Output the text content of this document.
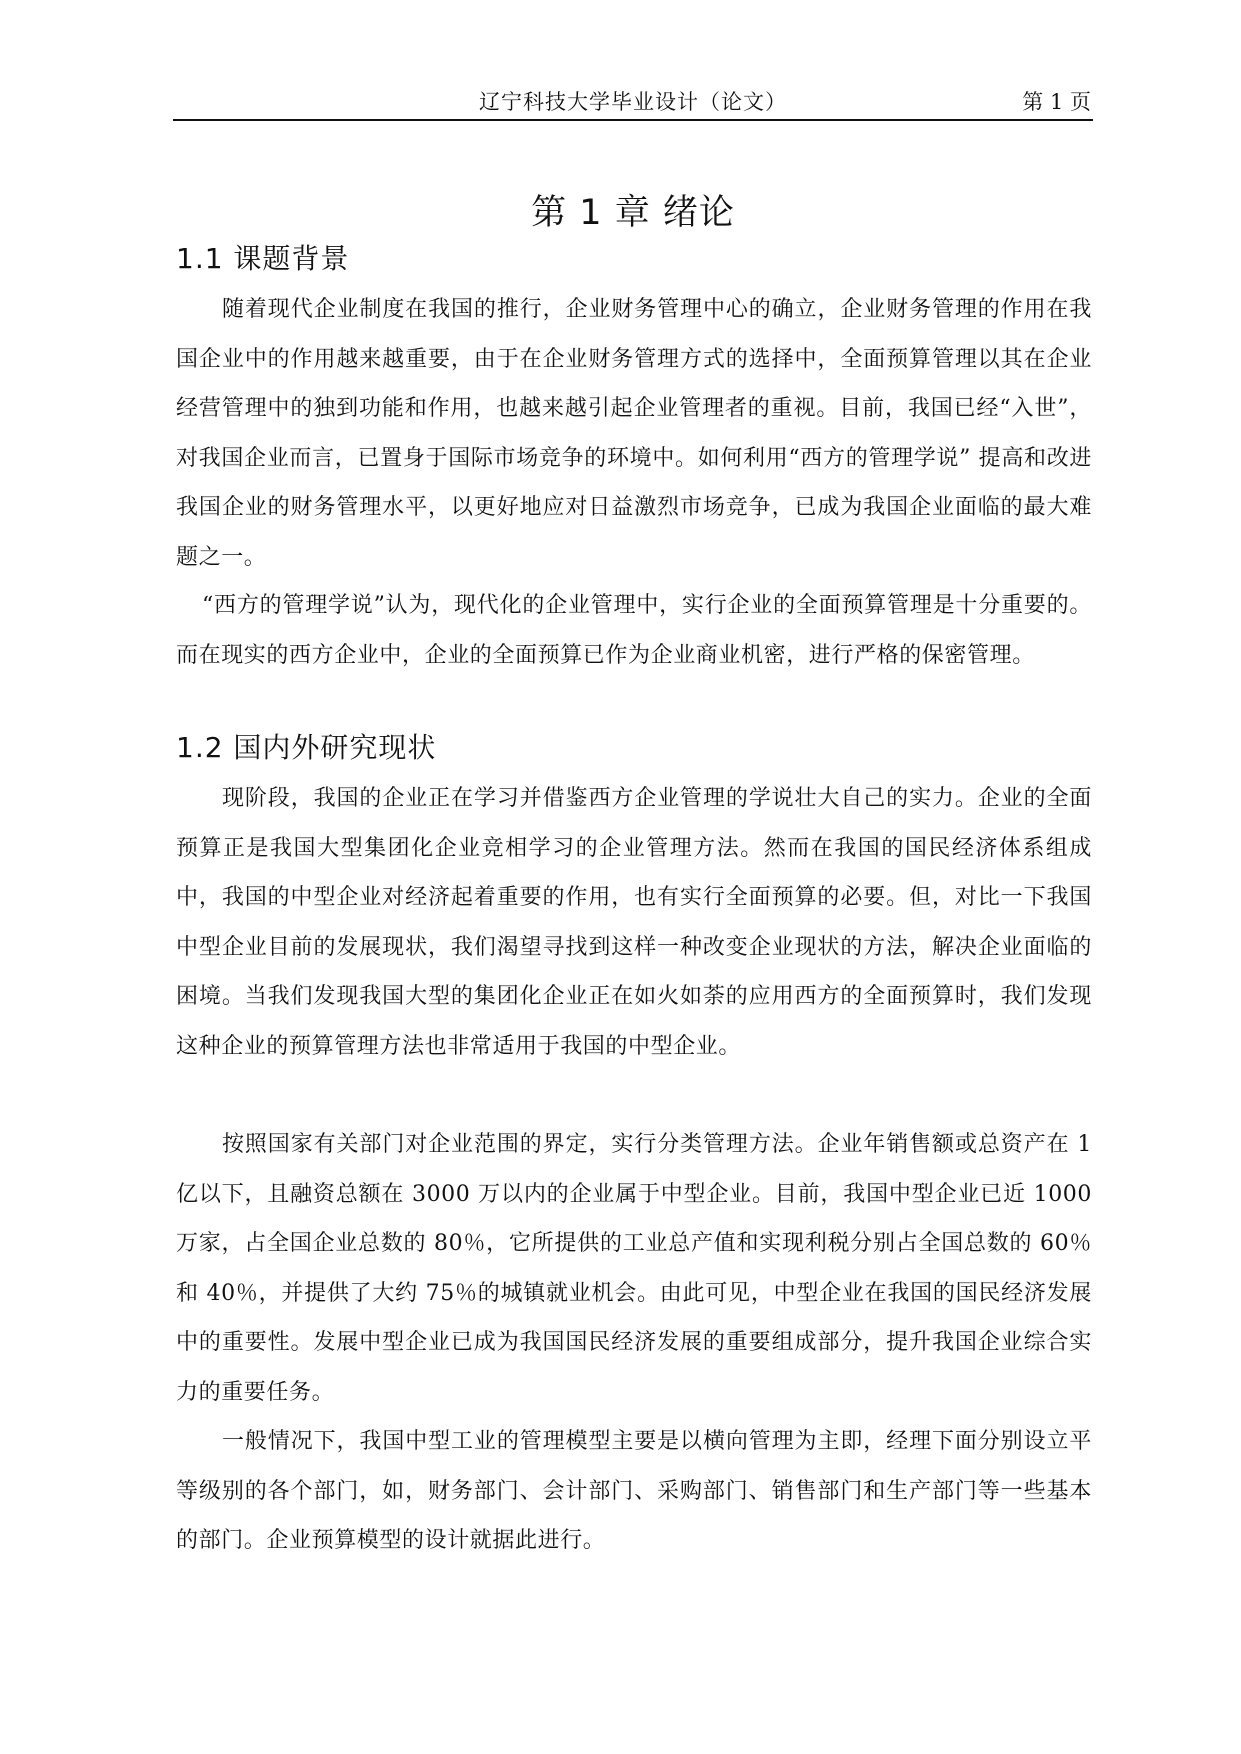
辽宁科技大学毕业设计（论文）	第 1 页
第 1 章 绪论
1.1 课题背景

随着现代企业制度在我国的推行，企业财务管理中心的确立，企业财务管理的作用在我国企业中的作用越来越重要，由于在企业财务管理方式的选择中，全面预算管理以其在企业经营管理中的独到功能和作用，也越来越引起企业管理者的重视。目前，我国已经“入世”，对我国企业而言，已置身于国际市场竞争的环境中。如何利用“西方的管理学说” 提高和改进我国企业的财务管理水平，以更好地应对日益激烈市场竞争，已成为我国企业面临的最大难题之一。

“西方的管理学说”认为，现代化的企业管理中，实行企业的全面预算管理是十分重要的。而在现实的西方企业中，企业的全面预算已作为企业商业机密，进行严格的保密管理。

1.2 国内外研究现状

现阶段，我国的企业正在学习并借鉴西方企业管理的学说壮大自己的实力。企业的全面预算正是我国大型集团化企业竞相学习的企业管理方法。然而在我国的国民经济体系组成中，我国的中型企业对经济起着重要的作用，也有实行全面预算的必要。但，对比一下我国中型企业目前的发展现状，我们渴望寻找到这样一种改变企业现状的方法，解决企业面临的困境。当我们发现我国大型的集团化企业正在如火如荼的应用西方的全面预算时，我们发现这种企业的预算管理方法也非常适用于我国的中型企业。

按照国家有关部门对企业范围的界定，实行分类管理方法。企业年销售额或总资产在 1 亿以下，且融资总额在 3000 万以内的企业属于中型企业。目前，我国中型企业已近 1000 万家，占全国企业总数的 80％，它所提供的工业总产值和实现利税分别占全国总数的 60％和 40％，并提供了大约 75％的城镇就业机会。由此可见，中型企业在我国的国民经济发展中的重要性。发展中型企业已成为我国国民经济发展的重要组成部分，提升我国企业综合实力的重要任务。

一般情况下，我国中型工业的管理模型主要是以横向管理为主即，经理下面分别设立平等级别的各个部门，如，财务部门、会计部门、采购部门、销售部门和生产部门等一些基本的部门。企业预算模型的设计就据此进行。
